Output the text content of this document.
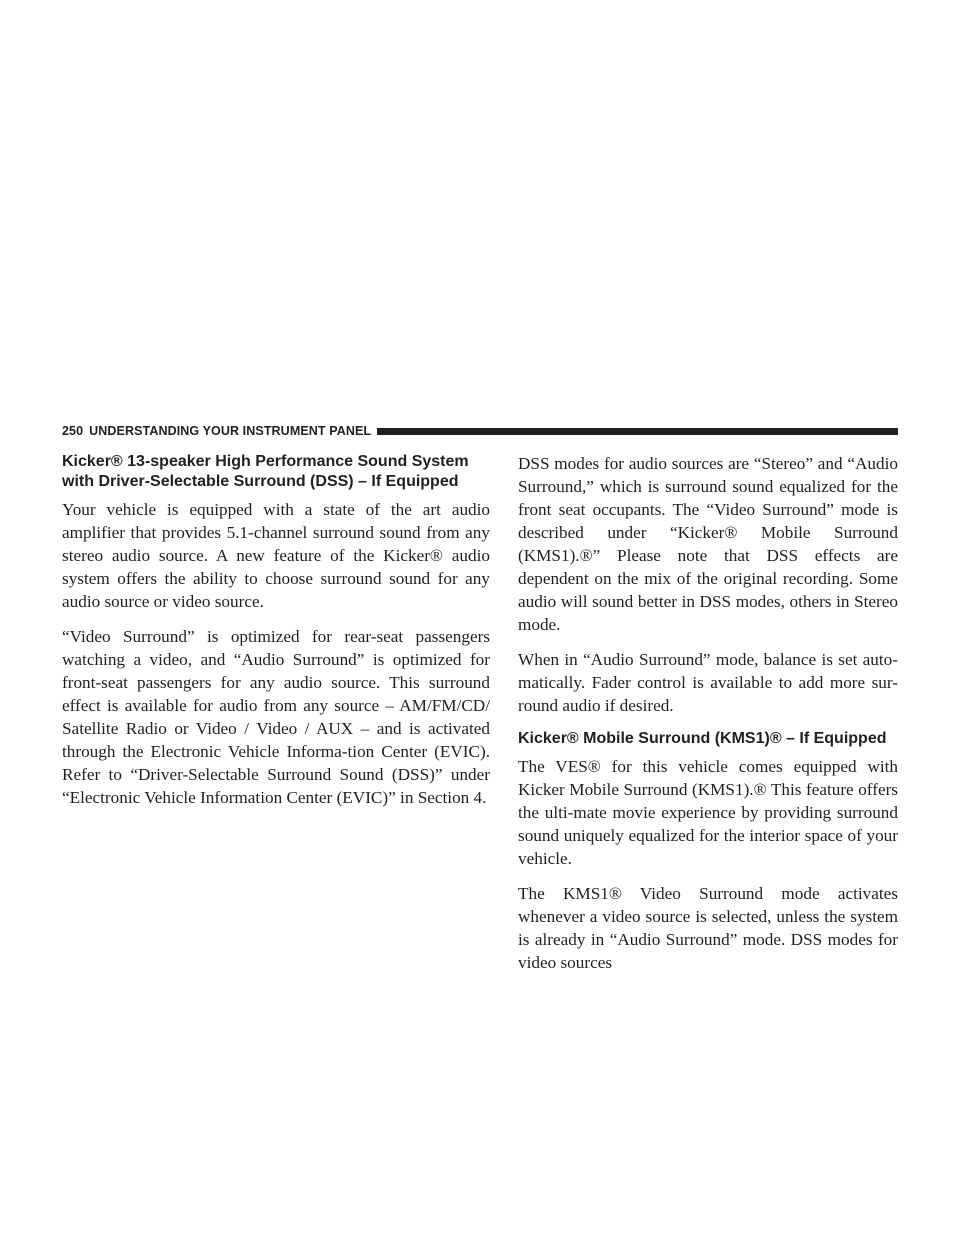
250 UNDERSTANDING YOUR INSTRUMENT PANEL
Kicker® 13-speaker High Performance Sound System with Driver-Selectable Surround (DSS) – If Equipped

Your vehicle is equipped with a state of the art audio amplifier that provides 5.1-channel surround sound from any stereo audio source. A new feature of the Kicker® audio system offers the ability to choose surround sound for any audio source or video source.

“Video Surround” is optimized for rear-seat passengers watching a video, and “Audio Surround” is optimized for front-seat passengers for any audio source. This surround effect is available for audio from any source – AM/FM/CD/ Satellite Radio or Video / Video / AUX – and is activated through the Electronic Vehicle Informa-tion Center (EVIC). Refer to “Driver-Selectable Surround Sound (DSS)” under “Electronic Vehicle Information Center (EVIC)” in Section 4.

DSS modes for audio sources are “Stereo” and “Audio Surround,” which is surround sound equalized for the front seat occupants. The “Video Surround” mode is described under “Kicker® Mobile Surround (KMS1).®” Please note that DSS effects are dependent on the mix of the original recording. Some audio will sound better in DSS modes, others in Stereo mode.

When in “Audio Surround” mode, balance is set auto-matically. Fader control is available to add more sur-round audio if desired.

Kicker® Mobile Surround (KMS1)® – If Equipped

The VES® for this vehicle comes equipped with Kicker Mobile Surround (KMS1).® This feature offers the ulti-mate movie experience by providing surround sound uniquely equalized for the interior space of your vehicle.

The KMS1® Video Surround mode activates whenever a video source is selected, unless the system is already in “Audio Surround” mode. DSS modes for video sources
